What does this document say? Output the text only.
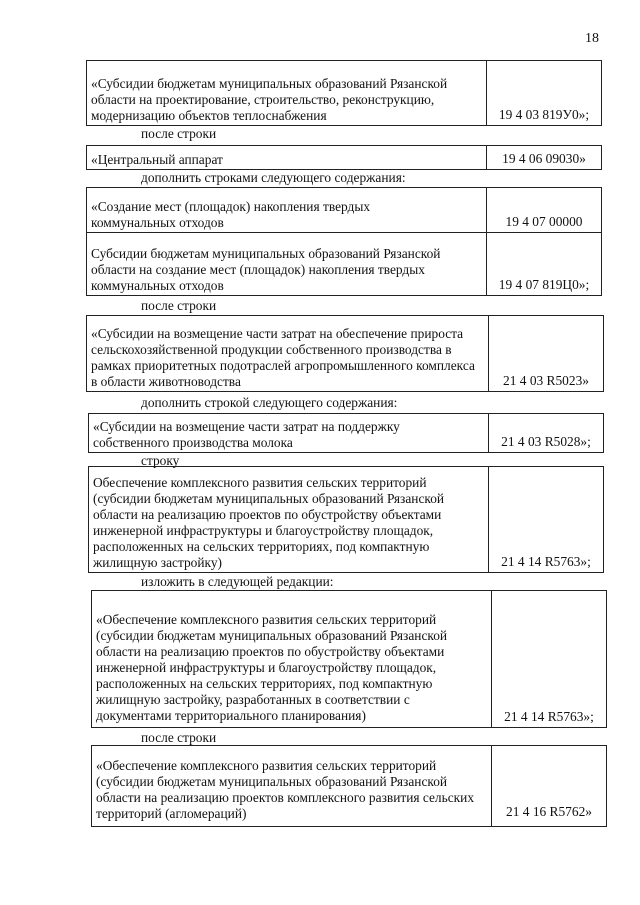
18
«Субсидии бюджетам муниципальных образований Рязанской области на проектирование, строительство, реконструкцию, модернизацию объектов теплоснабжения	19 4 03 819У0»;
после строки
«Центральный аппарат	19 4 06 09030»
дополнить строками следующего содержания:
«Создание мест (площадок) накопления твердых коммунальных отходов	19 4 07 00000
Субсидии бюджетам муниципальных образований Рязанской области на создание мест (площадок) накопления твердых коммунальных отходов	19 4 07 819Ц0»;
после строки
«Субсидии на возмещение части затрат на обеспечение прироста сельскохозяйственной продукции собственного производства в рамках приоритетных подотраслей агропромышленного комплекса в области животноводства	21 4 03 R5023»
дополнить строкой следующего содержания:
«Субсидии на возмещение части затрат на поддержку собственного производства молока	21 4 03 R5028»;
строку
Обеспечение комплексного развития сельских территорий (субсидии бюджетам муниципальных образований Рязанской области на реализацию проектов по обустройству объектами инженерной инфраструктуры и благоустройству площадок, расположенных на сельских территориях, под компактную жилищную застройку)	21 4 14 R5763»;
изложить в следующей редакции:
«Обеспечение комплексного развития сельских территорий (субсидии бюджетам муниципальных образований Рязанской области на реализацию проектов по обустройству объектами инженерной инфраструктуры и благоустройству площадок, расположенных на сельских территориях, под компактную жилищную застройку, разработанных в соответствии с документами территориального планирования)	21 4 14 R5763»;
после строки
«Обеспечение комплексного развития сельских территорий (субсидии бюджетам муниципальных образований Рязанской области на реализацию проектов комплексного развития сельских территорий (агломераций)	21 4 16 R5762»
